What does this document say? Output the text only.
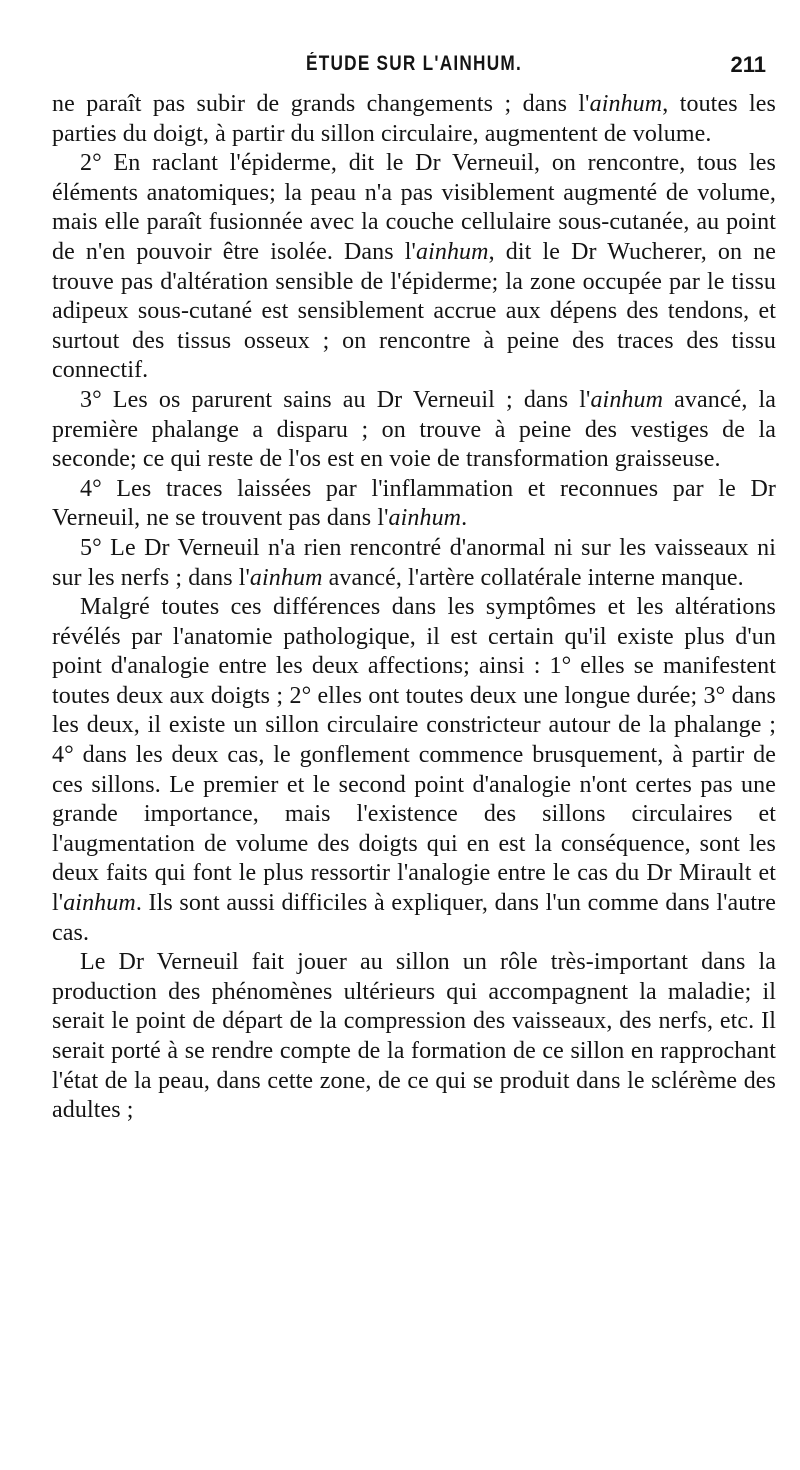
ÉTUDE SUR L'AINHUM.	211

ne paraît pas subir de grands changements ; dans l'ainhum, toutes les parties du doigt, à partir du sillon circulaire, augmentent de volume.

2° En raclant l'épiderme, dit le Dr Verneuil, on rencontre, tous les éléments anatomiques; la peau n'a pas visiblement augmenté de volume, mais elle paraît fusionnée avec la couche cellulaire sous-cutanée, au point de n'en pouvoir être isolée. Dans l'ainhum, dit le Dr Wucherer, on ne trouve pas d'altération sensible de l'épiderme; la zone occupée par le tissu adipeux sous-cutané est sensiblement accrue aux dépens des tendons, et surtout des tissus osseux ; on rencontre à peine des traces des tissu connectif.

3° Les os parurent sains au Dr Verneuil ; dans l'ainhum avancé, la première phalange a disparu ; on trouve à peine des vestiges de la seconde; ce qui reste de l'os est en voie de transformation graisseuse.

4° Les traces laissées par l'inflammation et reconnues par le Dr Verneuil, ne se trouvent pas dans l'ainhum.

5° Le Dr Verneuil n'a rien rencontré d'anormal ni sur les vaisseaux ni sur les nerfs ; dans l'ainhum avancé, l'artère collatérale interne manque.

Malgré toutes ces différences dans les symptômes et les altérations révélés par l'anatomie pathologique, il est certain qu'il existe plus d'un point d'analogie entre les deux affections; ainsi : 1° elles se manifestent toutes deux aux doigts ; 2° elles ont toutes deux une longue durée; 3° dans les deux, il existe un sillon circulaire constricteur autour de la phalange ; 4° dans les deux cas, le gonflement commence brusquement, à partir de ces sillons. Le premier et le second point d'analogie n'ont certes pas une grande importance, mais l'existence des sillons circulaires et l'augmentation de volume des doigts qui en est la conséquence, sont les deux faits qui font le plus ressortir l'analogie entre le cas du Dr Mirault et l'ainhum. Ils sont aussi difficiles à expliquer, dans l'un comme dans l'autre cas.

Le Dr Verneuil fait jouer au sillon un rôle très-important dans la production des phénomènes ultérieurs qui accompagnent la maladie; il serait le point de départ de la compression des vaisseaux, des nerfs, etc. Il serait porté à se rendre compte de la formation de ce sillon en rapprochant l'état de la peau, dans cette zone, de ce qui se produit dans le sclérème des adultes ;
